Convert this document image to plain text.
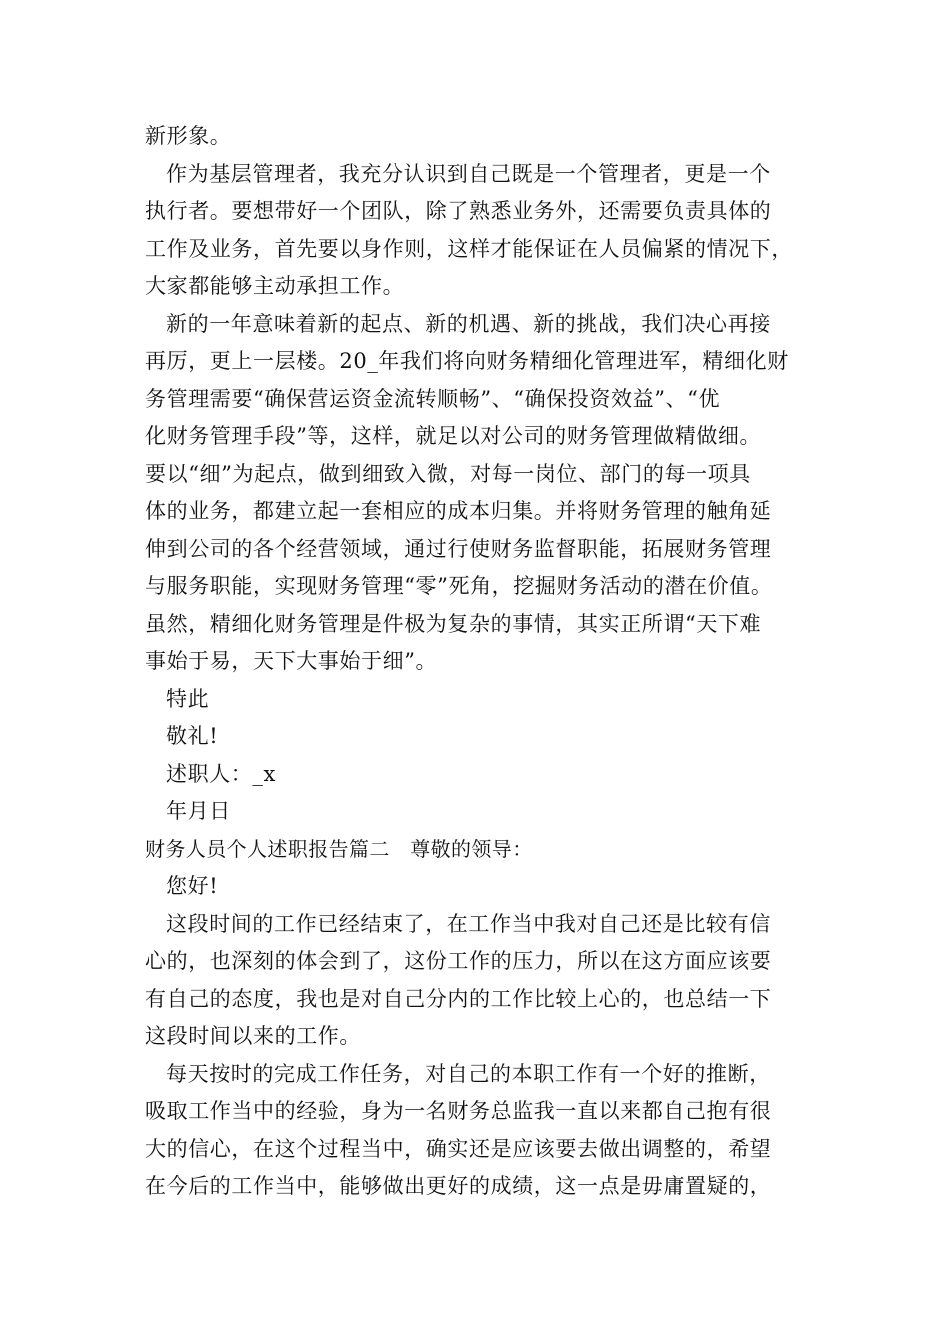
新形象。
作为基层管理者，我充分认识到自己既是一个管理者，更是一个
执行者。要想带好一个团队，除了熟悉业务外，还需要负责具体的
工作及业务，首先要以身作则，这样才能保证在人员偏紧的情况下，
大家都能够主动承担工作。
新的一年意味着新的起点、新的机遇、新的挑战，我们决心再接
再厉，更上一层楼。20_年我们将向财务精细化管理进军，精细化财
务管理需要“确保营运资金流转顺畅”、“确保投资效益”、“优
化财务管理手段”等，这样，就足以对公司的财务管理做精做细。
要以“细”为起点，做到细致入微，对每一岗位、部门的每一项具
体的业务，都建立起一套相应的成本归集。并将财务管理的触角延
伸到公司的各个经营领域，通过行使财务监督职能，拓展财务管理
与服务职能，实现财务管理“零”死角，挖掘财务活动的潜在价值。
虽然，精细化财务管理是件极为复杂的事情，其实正所谓“天下难
事始于易，天下大事始于细”。
特此
敬礼!
述职人：_x
年月日
财务人员个人述职报告篇二　尊敬的领导：
您好!
这段时间的工作已经结束了，在工作当中我对自己还是比较有信
心的，也深刻的体会到了，这份工作的压力，所以在这方面应该要
有自己的态度，我也是对自己分内的工作比较上心的，也总结一下
这段时间以来的工作。
每天按时的完成工作任务，对自己的本职工作有一个好的推断，
吸取工作当中的经验，身为一名财务总监我一直以来都自己抱有很
大的信心，在这个过程当中，确实还是应该要去做出调整的，希望
在今后的工作当中，能够做出更好的成绩，这一点是毋庸置疑的，
